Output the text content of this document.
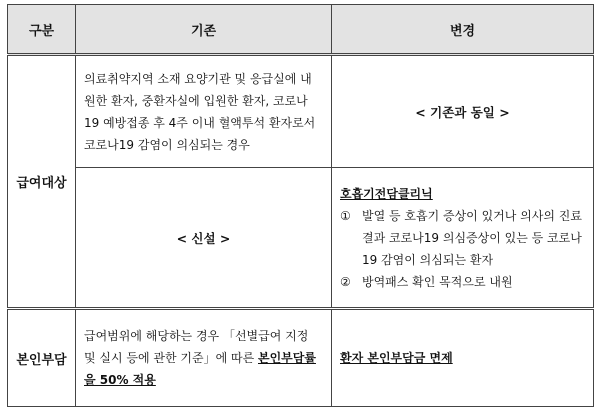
구분	기존	변경
급여대상	의료취약지역 소재 요양기관 및 응급실에 내원한 환자, 중환자실에 입원한 환자, 코로나19 예방접종 후 4주 이내 혈액투석 환자로서 코로나19 감염이 의심되는 경우	< 기존과 동일 >
	< 신설 >	호흡기전담클리닉
① 발열 등 호흡기 증상이 있거나 의사의 진료 결과 코로나19 의심증상이 있는 등 코로나19 감염이 의심되는 환자
② 방역패스 확인 목적으로 내원

본인부담	급여범위에 해당하는 경우 「선별급여 지정 및 실시 등에 관한 기준」에 따른 본인부담률을 50% 적용	환자 본인부담금 면제
